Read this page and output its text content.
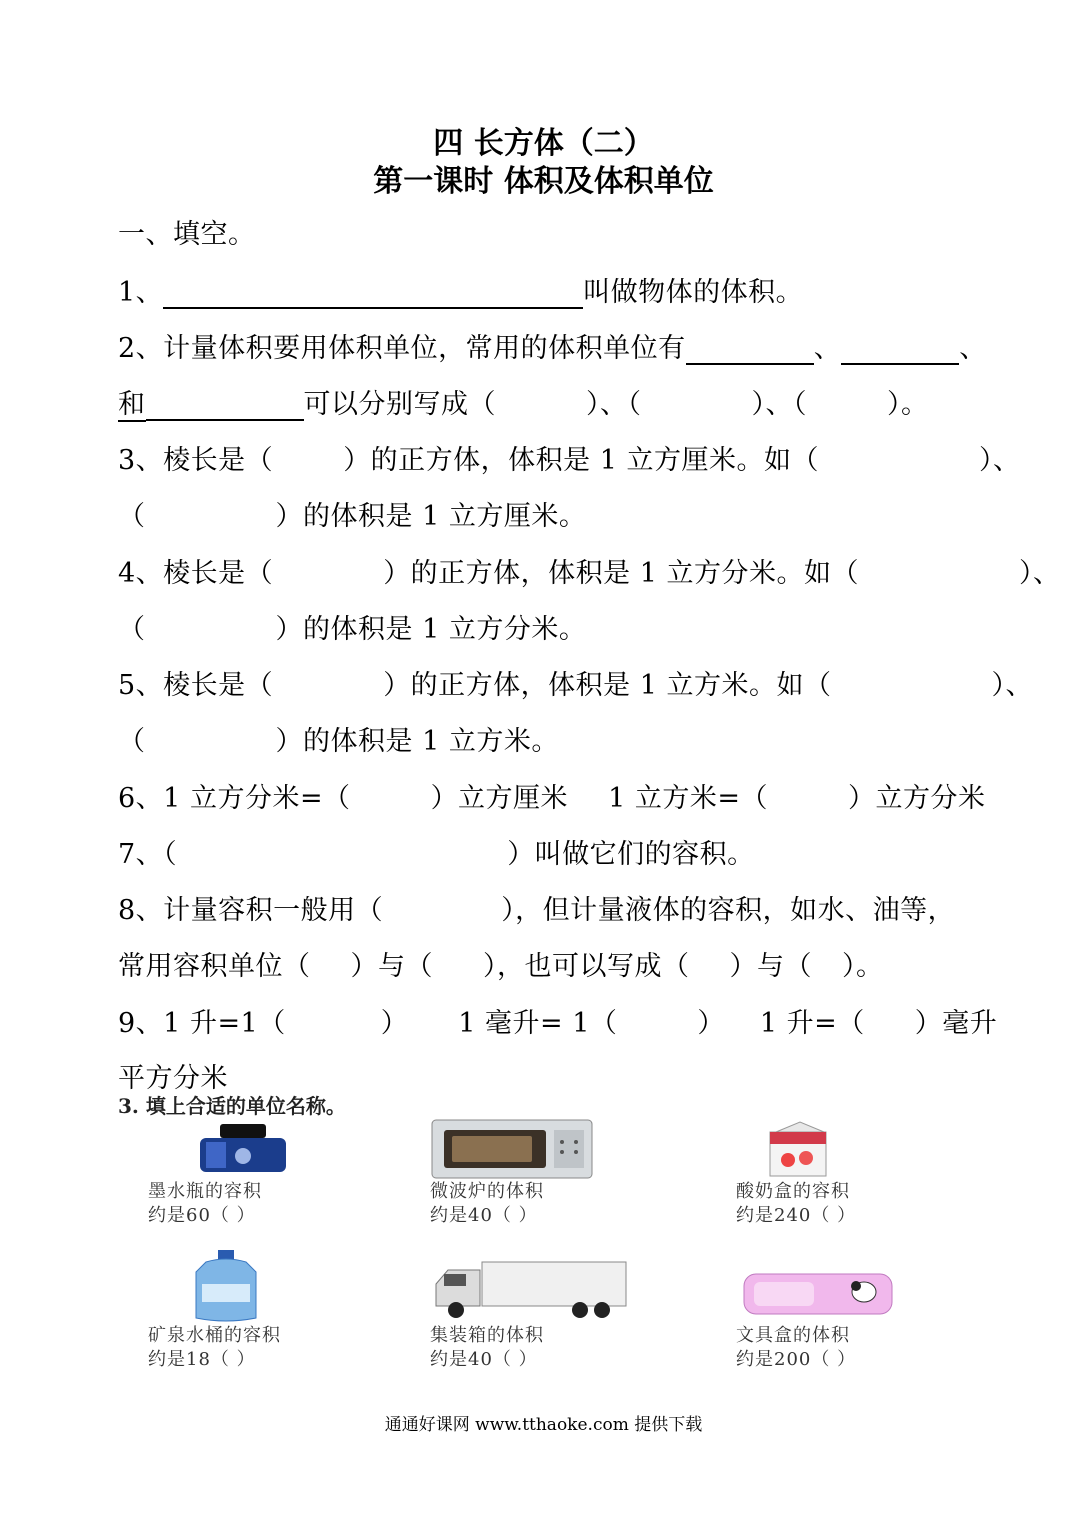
四 长方体（二）
第一课时 体积及体积单位
一、填空。
1、	叫做物体的体积。
2、计量体积要用体积单位，常用的体积单位有	、	、
和	可以分别写成（	）、（	）、（	）。
3、棱长是（	）的正方体，体积是 1 立方厘米。如（	）、
（	）的体积是 1 立方厘米。
4、棱长是（	）的正方体，体积是 1 立方分米。如（	）、
（	）的体积是 1 立方分米。
5、棱长是（	）的正方体，体积是 1 立方米。如（	）、
（	）的体积是 1 立方米。
6、1 立方分米=（	）立方厘米 1 立方米=（	）立方分米
7、（	）叫做它们的容积。
8、计量容积一般用（	），但计量液体的容积，如水、油等，
常用容积单位（ ）与（ ），也可以写成（ ）与（ ）。
9、1 升=1（	） 1 毫升= 1（	） 1 升=（ ）毫升
平方分米
3. 填上合适的单位名称。
墨水瓶的容积
约是60（ ）
微波炉的体积
约是40（ ）
酸奶盒的容积
约是240（ ）
矿泉水桶的容积
约是18（ ）
集装箱的体积
约是40（ ）
文具盒的体积
约是200（ ）
通通好课网 www.tthaoke.com 提供下载
